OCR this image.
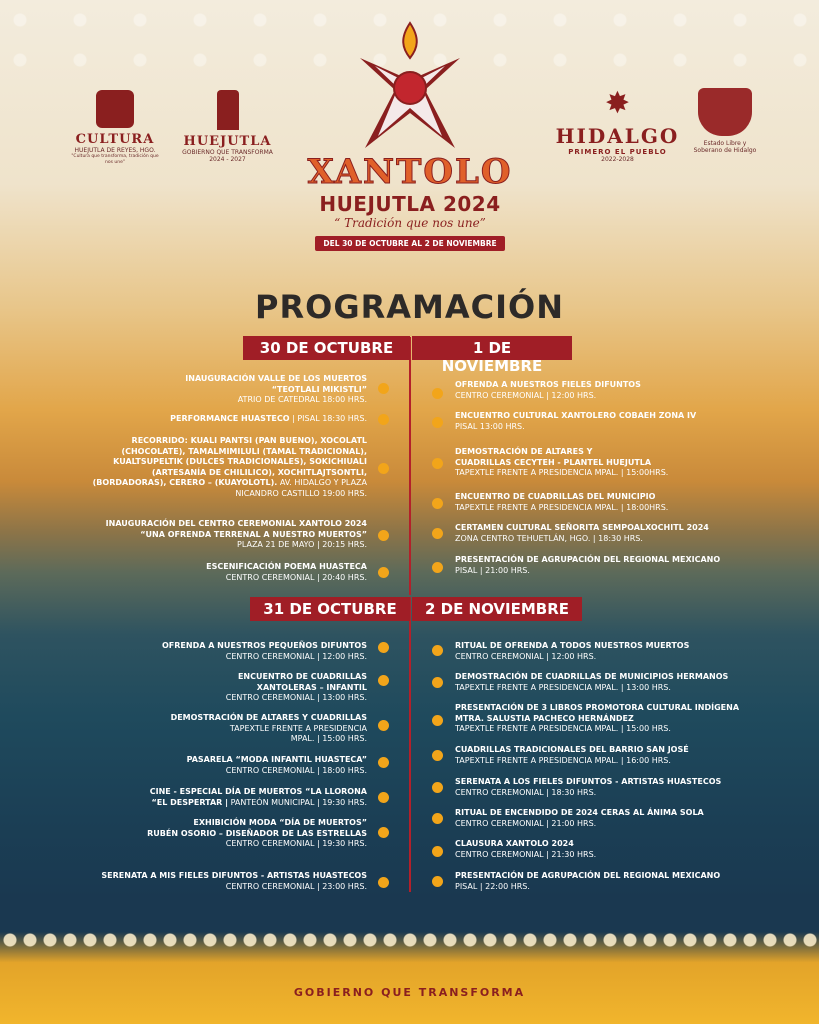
CULTURA
HUEJUTLA DE REYES, HGO.
"Cultura que transforma, tradición que nos une"
HUEJUTLA
GOBIERNO QUE TRANSFORMA
2024 - 2027
✸
HIDALGO
PRIMERO EL PUEBLO
2022-2028
Estado Libre y Soberano de Hidalgo
XANTOLO
HUEJUTLA 2024
“ Tradición que nos une”
DEL 30 DE OCTUBRE AL 2 DE NOVIEMBRE
PROGRAMACIÓN
30 DE OCTUBRE	1 DE NOVIEMBRE
31 DE OCTUBRE	2 DE NOVIEMBRE
INAUGURACIÓN VALLE DE LOS MUERTOS
“TEOTLALI MIKISTLI”
ATRIO DE CATEDRAL 18:00 HRS.
PERFORMANCE HUASTECO | PISAL 18:30 HRS.
RECORRIDO: KUALI PANTSI (PAN BUENO), XOCOLATL
(CHOCOLATE), TAMALMIMILULI (TAMAL TRADICIONAL),
KUALTSUPELTIK (DULCES TRADICIONALES), SOKICHIUALI
(ARTESANÍA DE CHILILICO), XOCHITLAJTSONTLI,
(BORDADORAS), CERERO – (KUAYOLOTL). AV. HIDALGO Y PLAZA
NICANDRO CASTILLO 19:00 HRS.
INAUGURACIÓN DEL CENTRO CEREMONIAL XANTOLO 2024
“UNA OFRENDA TERRENAL A NUESTRO MUERTOS”
PLAZA 21 DE MAYO | 20:15 HRS.
ESCENIFICACIÓN POEMA HUASTECA
CENTRO CEREMONIAL | 20:40 HRS.
OFRENDA A NUESTROS FIELES DIFUNTOS
CENTRO CEREMONIAL | 12:00 HRS.
ENCUENTRO CULTURAL XANTOLERO COBAEH ZONA IV
PISAL 13:00 HRS.
DEMOSTRACIÓN DE ALTARES Y
CUADRILLAS CECYTEH - PLANTEL HUEJUTLA
TAPEXTLE FRENTE A PRESIDENCIA MPAL. | 15:00HRS.
ENCUENTRO DE CUADRILLAS DEL MUNICIPIO
TAPEXTLE FRENTE A PRESIDENCIA MPAL. | 18:00HRS.
CERTAMEN CULTURAL SEÑORITA SEMPOALXOCHITL 2024
ZONA CENTRO TEHUETLÁN, HGO. | 18:30 HRS.
PRESENTACIÓN DE AGRUPACIÓN DEL REGIONAL MEXICANO
PISAL | 21:00 HRS.
OFRENDA A NUESTROS PEQUEÑOS DIFUNTOS
CENTRO CEREMONIAL | 12:00 HRS.
ENCUENTRO DE CUADRILLAS
XANTOLERAS – INFANTIL
CENTRO CEREMONIAL | 13:00 HRS.
DEMOSTRACIÓN DE ALTARES Y CUADRILLAS
TAPEXTLE FRENTE A PRESIDENCIA
MPAL. | 15:00 HRS.
PASARELA “MODA INFANTIL HUASTECA”
CENTRO CEREMONIAL | 18:00 HRS.
CINE - ESPECIAL DÍA DE MUERTOS “LA LLORONA
“EL DESPERTAR | PANTEÓN MUNICIPAL | 19:30 HRS.
EXHIBICIÓN MODA “DÍA DE MUERTOS”
RUBÉN OSORIO – DISEÑADOR DE LAS ESTRELLAS
CENTRO CEREMONIAL | 19:30 HRS.
SERENATA A MIS FIELES DIFUNTOS - ARTISTAS HUASTECOS
CENTRO CEREMONIAL | 23:00 HRS.
RITUAL DE OFRENDA A TODOS NUESTROS MUERTOS
CENTRO CEREMONIAL | 12:00 HRS.
DEMOSTRACIÓN DE CUADRILLAS DE MUNICIPIOS HERMANOS
TAPEXTLE FRENTE A PRESIDENCIA MPAL. | 13:00 HRS.
PRESENTACIÓN DE 3 LIBROS PROMOTORA CULTURAL INDÍGENA
MTRA. SALUSTIA PACHECO HERNÁNDEZ
TAPEXTLE FRENTE A PRESIDENCIA MPAL. | 15:00 HRS.
CUADRILLAS TRADICIONALES DEL BARRIO SAN JOSÉ
TAPEXTLE FRENTE A PRESIDENCIA MPAL. | 16:00 HRS.
SERENATA A LOS FIELES DIFUNTOS - ARTISTAS HUASTECOS
CENTRO CEREMONIAL | 18:30 HRS.
RITUAL DE ENCENDIDO DE 2024 CERAS AL ÁNIMA SOLA
CENTRO CEREMONIAL | 21:00 HRS.
CLAUSURA XANTOLO 2024
CENTRO CEREMONIAL | 21:30 HRS.
PRESENTACIÓN DE AGRUPACIÓN DEL REGIONAL MEXICANO
PISAL | 22:00 HRS.
GOBIERNO QUE TRANSFORMA
